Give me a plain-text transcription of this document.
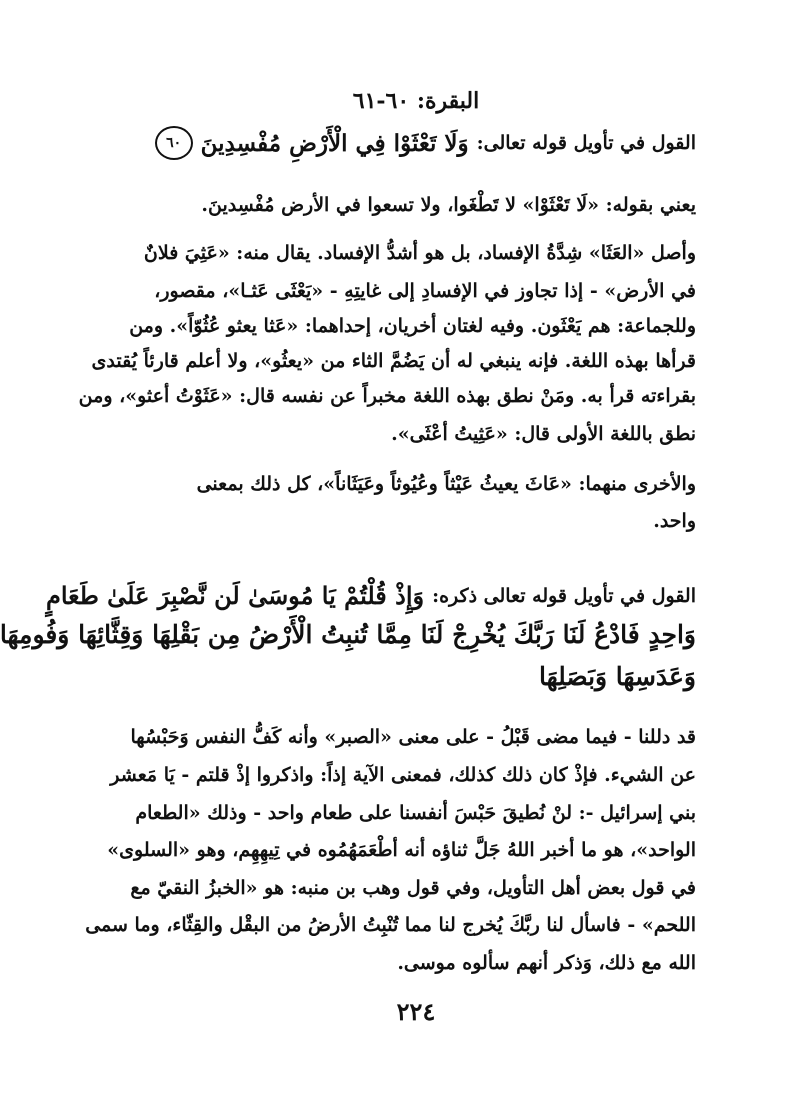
البقرة: ٦٠-٦١
القول في تأويل قوله تعالى:
وَلَا تَعْثَوْا فِي الْأَرْضِ مُفْسِدِينَ
٦٠
يعني بقوله: «لَا تَعْثَوْا» لا تَطْغَوا، ولا تسعوا في الأرض مُفْسِدينَ.
وأصل «العَثَا» شِدَّةُ الإفساد، بل هو أشدُّ الإفساد. يقال منه: «عَثِيَ فلانٌ
في الأرض» - إذا تجاوز في الإفسادِ إلى غايتِهِ - «يَعْثَى عَثـا»، مقصور،
وللجماعة: هم يَعْثَون. وفيه لغتان أخريان، إحداهما: «عَثا يعثو عُثُوّاً». ومن
قرأها بهذه اللغة. فإنه ينبغي له أن يَضُمَّ الثاء من «يعثُو»، ولا أعلم قارئاً يُقتدى
بقراءته قرأ به. ومَنْ نطق بهذه اللغة مخبراً عن نفسه قال: «عَثَوْتُ أعثو»، ومن
نطق باللغة الأولى قال: «عَثِيتُ أعْثَى».
والأخرى منهما: «عَاثَ يعيثُ عَيْثاً وعُيُوثاً وعَيَثَاناً»، كل ذلك بمعنى
واحد.
القول في تأويل قوله تعالى ذكره:
وَإِذْ قُلْتُمْ يَا مُوسَىٰ لَن نَّصْبِرَ عَلَىٰ طَعَامٍ
وَاحِدٍ فَادْعُ لَنَا رَبَّكَ يُخْرِجْ لَنَا مِمَّا تُنبِتُ الْأَرْضُ مِن بَقْلِهَا وَقِثَّائِهَا وَفُومِهَا
وَعَدَسِهَا وَبَصَلِهَا
قد دللنا - فيما مضى قَبْلُ - على معنى «الصبر» وأنه كَفُّ النفس وَحَبْسُها
عن الشيء. فإذْ كان ذلك كذلك، فمعنى الآية إذاً: واذكروا إذْ قلتم - يَا مَعشر
بني إسرائيل -: لنْ نُطيقَ حَبْسَ أنفسنا على طعام واحد - وذلك «الطعام
الواحد»، هو ما أخبر اللهُ جَلَّ ثناؤه أنه أطْعَمَهُمُوه في تِيهِهِم، وهو «السلوى»
في قول بعض أهل التأويل، وفي قول وهب بن منبه: هو «الخبزُ النقيّ مع
اللحم» - فاسأل لنا ربَّكَ يُخرج لنا مما تُنْبِتُ الأرضُ من البقْل والقِثّاء، وما سمى
الله مع ذلك، وَذكر أنهم سألوه موسى.
٢٢٤
